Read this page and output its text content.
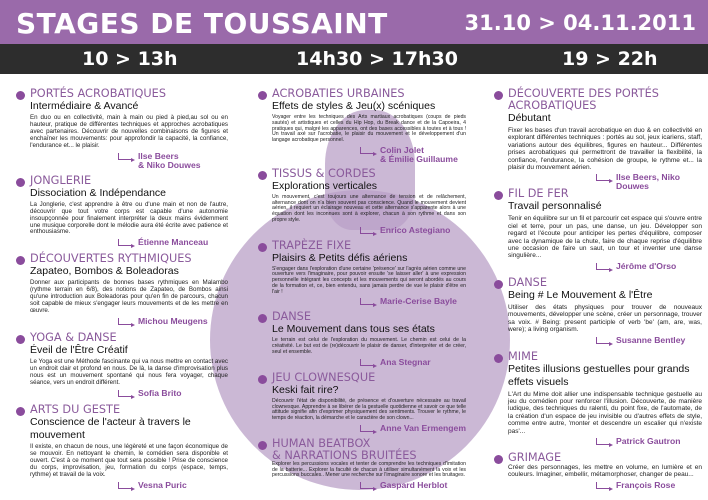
STAGES DE TOUSSAINT	31.10 > 04.11.2011
10 > 13h	14h30 > 17h30	19 > 22h
PORTÉS ACROBATIQUES
Intermédiaire & Avancé
En duo ou en collectivité, main à main ou pied à pied,au sol ou en hauteur, pratique de différentes techniques et approches acrobatiques avec partenaires. Découvrir de nouvelles combinaisons de figures et enchaîner les mouvements: pour approfondir la capacité, la confiance, l'endurance et... le plaisir.
Ilse Beers
& Niko Douwes
JONGLERIE
Dissociation & Indépendance
La Jonglerie, c'est apprendre à être ou d'une main et non de l'autre, découvrir que tout votre corps est capable d'une autonomie insoupçonnée pour finalement interpréter la deux mains évidemment une musique corporelle dont le mélodie aura été écrite avec patience et enthousiasme.
Étienne Manceau
DÉCOUVERTES RYTHMIQUES
Zapateo, Bombos & Boleadoras
Donner aux participants de bonnes bases rythmiques en Malambo (rythme terrain en 6/8), des notions de Zapateo, de Bombos ainsi qu'une introduction aux Boleadoras pour qu'en fin de parcours, chacun soit capable de mieux s'engager leurs mouvements et de les mettre en œuvre.
Michou Meugens
YOGA & DANSE
Éveil de l'Être Créatif
Le Yoga est une Méthode fascinante qui va nous mettre en contact avec un endroit clair et profond en nous. De là, la danse d'improvisation plus nous est un mouvement spontané qui nous fera voyager, chaque séance, vers un endroit différent.
Sofia Brito
ARTS DU GESTE
Conscience de l'acteur à travers le mouvement
Il existe, en chacun de nous, une légèreté et une façon économique de se mouvoir. En nettoyant le chemin, le comédien sera disponible et ouvert. C'est à ce moment que tout sera possible ! Prise de conscience du corps, improvisation, jeu, formation du corps (espace, temps, rythme) et travail de la voix.
Vesna Puric
ACROBATIES URBAINES
Effets de styles & Jeu(x) scéniques
Voyager entre les techniques des Arts martiaux acrobatiques (coups de pieds sautés) et artistiques et celles du Hip Hop, du Break dance et de la Capoeira, 4 pratiques qui, malgré les apparences, ont des bases accessibles à toutes et à tous ! Un travail axé sur l'acrobatie, le plaisir du mouvement et le développement d'un langage acrobatique personnel.
Colin Jolet
& Émilie Guillaume
TISSUS & CORDES
Explorations verticales
Un mouvement, c'est toujours une alternance de tension et de relâchement, alternance dont on n'a bien souvent pas conscience. Quand le mouvement devient aérien, il requiert un éclairage nouveau et cette alternance s'apparente alors à une équation dont les inconnues sont à explorer, chacun à son rythme et dans son propre style.
Enrico Astegiano
TRAPÈZE FIXE
Plaisirs & Petits défis aériens
S'engager dans l'exploration d'une certaine 'présence' sur l'agrès aérien comme une ouverture vers l'imaginaire, pour pouvoir ensuite 'se laisser aller' à une expression personnelle intégrant les concepts et les mouvements qui seront abordés au cours de la formation et, ce, bien entendu, sans jamais perdre de vue le plaisir d'être en l'air !
Marie-Cerise Bayle
DANSE
Le Mouvement dans tous ses états
Le terrain est celui de l'exploration du mouvement. Le chemin est celui de la créativité. Le but est de (re)découvrir le plaisir de danser, d'interpréter et de créer, seul et ensemble.
Ana Stegnar
JEU CLOWNESQUE
Keski fait rire?
Découvrir l'état de disponibilité, de présence et d'ouverture nécessaire au travail clownesque. Apprendre à se libérer de la gestuelle quotidienne et savoir ce que telle attitude signifie afin d'exprimer physiquement des sentiments. Trouver le rythme, le temps de réaction, la démarche et le caractère de son clown...
Anne Van Ermengem
HUMAN BEATBOX
& NARRATIONS BRUITÉES
Explorer les percussions vocales et tenter de comprendre les techniques d'imitation de la batterie... Explorer la faculté de chacun à utiliser simultanément la voix et les percussions buccales.. Mener une recherche sur l'imaginaire sonore et les bruitages.
Gaspard Herblot
DÉCOUVERTE DES PORTÉS ACROBATIQUES
Débutant
Fixer les bases d'un travail acrobatique en duo & en collectivité en explorant différentes techniques : portés au sol, jeux icariens, staff, variations autour des équilibres, figures en hauteur... Différentes prises acrobatiques qui permettront de travailler la flexibilité, la confiance, l'endurance, la cohésion de groupe, le rythme et... la plaisir du mouvement aérien.
Ilse Beers, Niko Douwes
FIL DE FER
Travail personnalisé
Tenir en équilibre sur un fil et parcourir cet espace qui s'ouvre entre ciel et terre, pour un pas, une danse, un jeu. Développer son regard et l'écoute pour anticiper les pertes d'équilibre, composer avec la dynamique de la chute, faire de chaque reprise d'équilibre une occasion de faire un saut, un tour et inventer une danse singulière...
Jérôme d'Orso
DANSE
Being # Le Mouvement & l'Être
Utiliser des états physiques pour trouver de nouveaux mouvements, développer une scène, créer un personnage, trouver sa voix. # Being: present participle of verb 'be' (am, are, was, were); a living organism.
Susanne Bentley
MIME
Petites illusions gestuelles pour grands effets visuels
L'Art du Mime doit allier une indispensable technique gestuelle au jeu du comédien pour renforcer l'illusion. Découverte, de manière ludique, des techniques du ralenti, du point fixe, de l'automate, de la création d'un espace de jeu invisible ou d'autres effets de style, comme entre autre, 'monter et descendre un escalier qui n'existe pas'...
Patrick Gautron
GRIMAGE
Créer des personnages, les mettre en volume, en lumière et en couleurs. Imaginer, embellir, métamorphoser, changer de peau...
François Rose
